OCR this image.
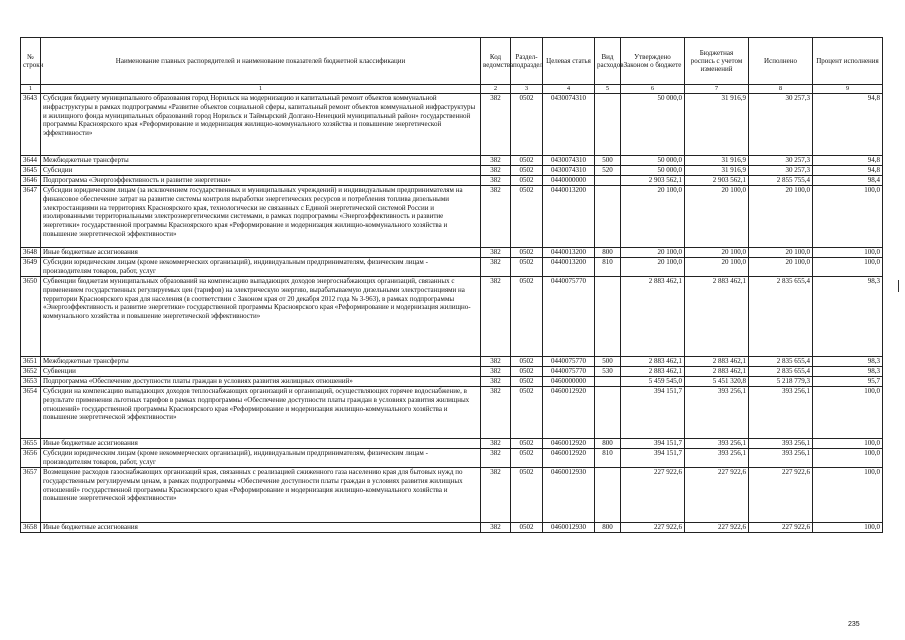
№ строки	Наименование главных распорядителей и наименование показателей бюджетной классификации	Код ведомства	Раздел-подраздел	Целевая статья	Вид расходов	Утверждено Законом о бюджете	Бюджетная роспись с учетом изменений	Исполнено	Процент исполнения
1	1	2	3	4	5	6	7	8	9
3643	Субсидия бюджету муниципального образования город Норильск на модернизацию и капитальный ремонт объектов коммунальной инфраструктуры в рамках подпрограммы «Развитие объектов социальной сферы, капитальный ремонт объектов коммунальной инфраструктуры и жилищного фонда муниципальных образований город Норильск и Таймырский Долгано-Ненецкий муниципальный район» государственной программы Красноярского края «Реформирование и модернизация жилищно-коммунального хозяйства и повышение энергетической эффективности»	382	0502	0430074310		50 000,0	31 916,9	30 257,3	94,8
3644	Межбюджетные трансферты	382	0502	0430074310	500	50 000,0	31 916,9	30 257,3	94,8
3645	Субсидии	382	0502	0430074310	520	50 000,0	31 916,9	30 257,3	94,8
3646	Подпрограмма «Энергоэффективность и развитие энергетики»	382	0502	0440000000		2 903 562,1	2 903 562,1	2 855 755,4	98,4
3647	Субсидии юридическим лицам (за исключением государственных и муниципальных учреждений) и индивидуальным предпринимателям на финансовое обеспечение затрат на развитие системы контроля выработки энергетических ресурсов и потребления топлива дизельными электростанциями на территориях Красноярского края, технологически не связанных с Единой энергетической системой России и изолированными территориальными электроэнергетическими системами, в рамках подпрограммы «Энергоэффективность и развитие энергетики» государственной программы Красноярского края «Реформирование и модернизация жилищно-коммунального хозяйства и повышение энергетической эффективности»	382	0502	0440013200		20 100,0	20 100,0	20 100,0	100,0
3648	Иные бюджетные ассигнования	382	0502	0440013200	800	20 100,0	20 100,0	20 100,0	100,0
3649	Субсидии юридическим лицам (кроме некоммерческих организаций), индивидуальным предпринимателям, физическим лицам - производителям товаров, работ, услуг	382	0502	0440013200	810	20 100,0	20 100,0	20 100,0	100,0
3650	Субвенции бюджетам муниципальных образований на компенсацию выпадающих доходов энергоснабжающих организаций, связанных с применением государственных регулируемых цен (тарифов) на электрическую энергию, вырабатываемую дизельными электростанциями на территории Красноярского края для населения (в соответствии с Законом края от 20 декабря 2012 года № 3-963), в рамках подпрограммы «Энергоэффективность и развитие энергетики» государственной программы Красноярского края «Реформирование и модернизация жилищно-коммунального хозяйства и повышение энергетической эффективности»	382	0502	0440075770		2 883 462,1	2 883 462,1	2 835 655,4	98,3
3651	Межбюджетные трансферты	382	0502	0440075770	500	2 883 462,1	2 883 462,1	2 835 655,4	98,3
3652	Субвенции	382	0502	0440075770	530	2 883 462,1	2 883 462,1	2 835 655,4	98,3
3653	Подпрограмма «Обеспечение доступности платы граждан в условиях развития жилищных отношений»	382	0502	0460000000		5 459 545,0	5 451 320,8	5 218 779,3	95,7
3654	Субсидии на компенсацию выпадающих доходов теплоснабжающих организаций и организаций, осуществляющих горячее водоснабжение, в результате применения льготных тарифов в рамках подпрограммы «Обеспечение доступности платы граждан в условиях развития жилищных отношений» государственной программы Красноярского края «Реформирование и модернизация жилищно-коммунального хозяйства и повышение энергетической эффективности»	382	0502	0460012920		394 151,7	393 256,1	393 256,1	100,0
3655	Иные бюджетные ассигнования	382	0502	0460012920	800	394 151,7	393 256,1	393 256,1	100,0
3656	Субсидии юридическим лицам (кроме некоммерческих организаций), индивидуальным предпринимателям, физическим лицам - производителям товаров, работ, услуг	382	0502	0460012920	810	394 151,7	393 256,1	393 256,1	100,0
3657	Возмещение расходов газоснабжающих организаций края, связанных с реализацией сжиженного газа населению края для бытовых нужд по государственным регулируемым ценам, в рамках подпрограммы «Обеспечение доступности платы граждан в условиях развития жилищных отношений» государственной программы Красноярского края «Реформирование и модернизация жилищно-коммунального хозяйства и повышение энергетической эффективности»	382	0502	0460012930		227 922,6	227 922,6	227 922,6	100,0
3658	Иные бюджетные ассигнования	382	0502	0460012930	800	227 922,6	227 922,6	227 922,6	100,0
235
